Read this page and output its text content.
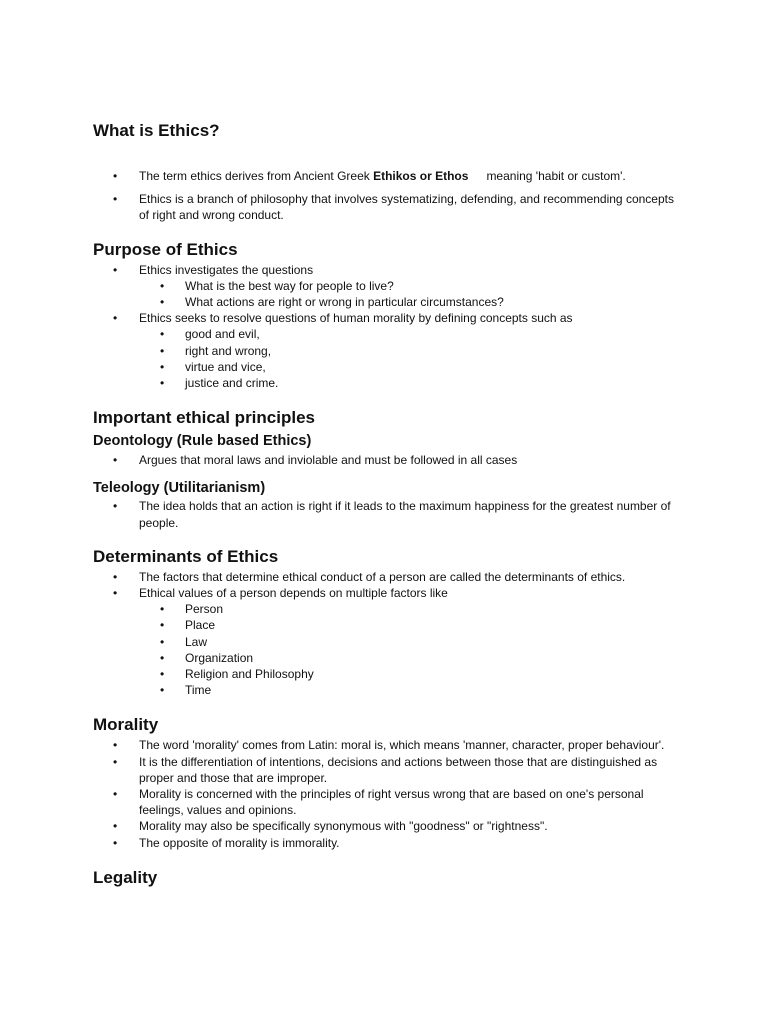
What is Ethics?
• The term ethics derives from Ancient Greek Ethikos or Ethos meaning 'habit or custom'.
• Ethics is a branch of philosophy that involves systematizing, defending, and recommending concepts of right and wrong conduct.
Purpose of Ethics
• Ethics investigates the questions
• What is the best way for people to live?
• What actions are right or wrong in particular circumstances?
• Ethics seeks to resolve questions of human morality by defining concepts such as
• good and evil,
• right and wrong,
• virtue and vice,
• justice and crime.
Important ethical principles
Deontology (Rule based Ethics)
• Argues that moral laws and inviolable and must be followed in all cases
Teleology (Utilitarianism)
• The idea holds that an action is right if it leads to the maximum happiness for the greatest number of people.
Determinants of Ethics
• The factors that determine ethical conduct of a person are called the determinants of ethics.
• Ethical values of a person depends on multiple factors like
• Person
• Place
• Law
• Organization
• Religion and Philosophy
• Time
Morality
• The word 'morality' comes from Latin: moral is, which means 'manner, character, proper behaviour'.
• It is the differentiation of intentions, decisions and actions between those that are distinguished as proper and those that are improper.
• Morality is concerned with the principles of right versus wrong that are based on one's personal feelings, values and opinions.
• Morality may also be specifically synonymous with "goodness" or "rightness".
• The opposite of morality is immorality.
Legality
